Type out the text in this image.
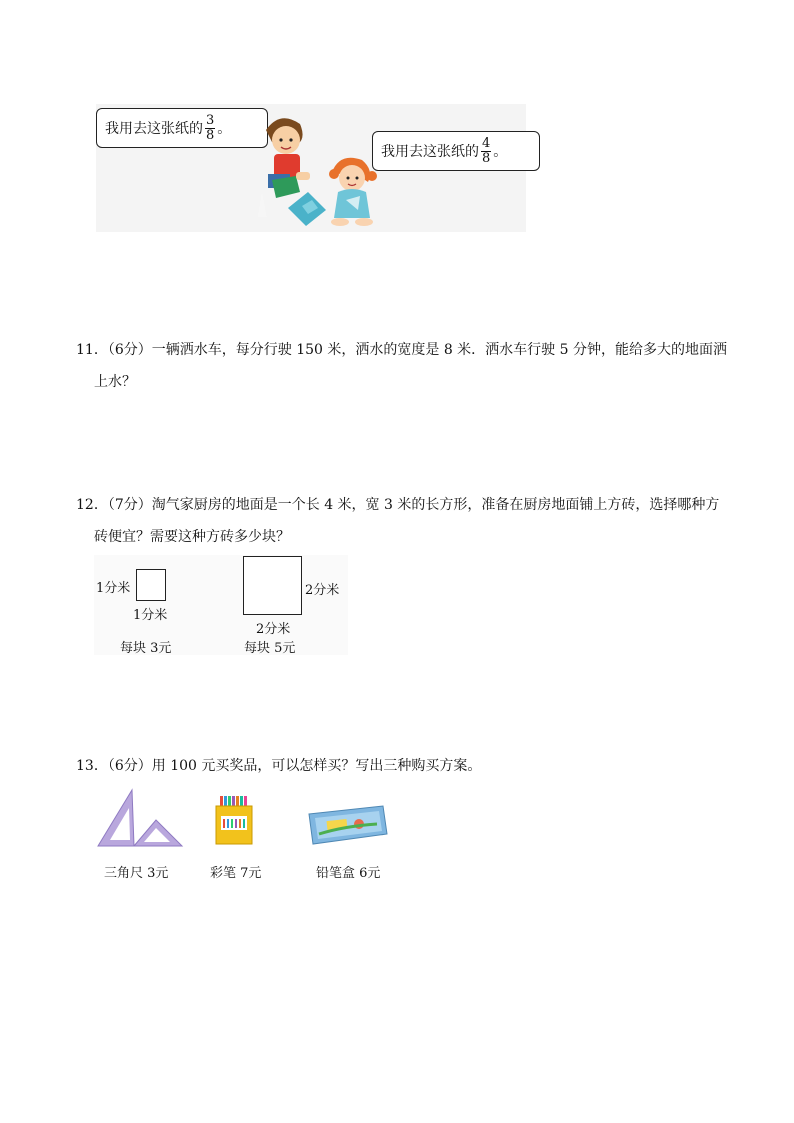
我用去这张纸的 $\frac{3}{8}$ 。
我用去这张纸的 $\frac{4}{8}$ 。
11．（6分）一辆洒水车，每分行驶 150 米，洒水的宽度是 8 米．洒水车行驶 5 分钟，能给多大的地面洒
上水？
12．（7分）淘气家厨房的地面是一个长 4 米，宽 3 米的长方形，准备在厨房地面铺上方砖，选择哪种方
砖便宜？需要这种方砖多少块？
1分米
1分米
每块 3元
2分米
2分米
每块 5元
13．（6分）用 100 元买奖品，可以怎样买？写出三种购买方案。
三角尺 3元	彩笔 7元	铅笔盒 6元
